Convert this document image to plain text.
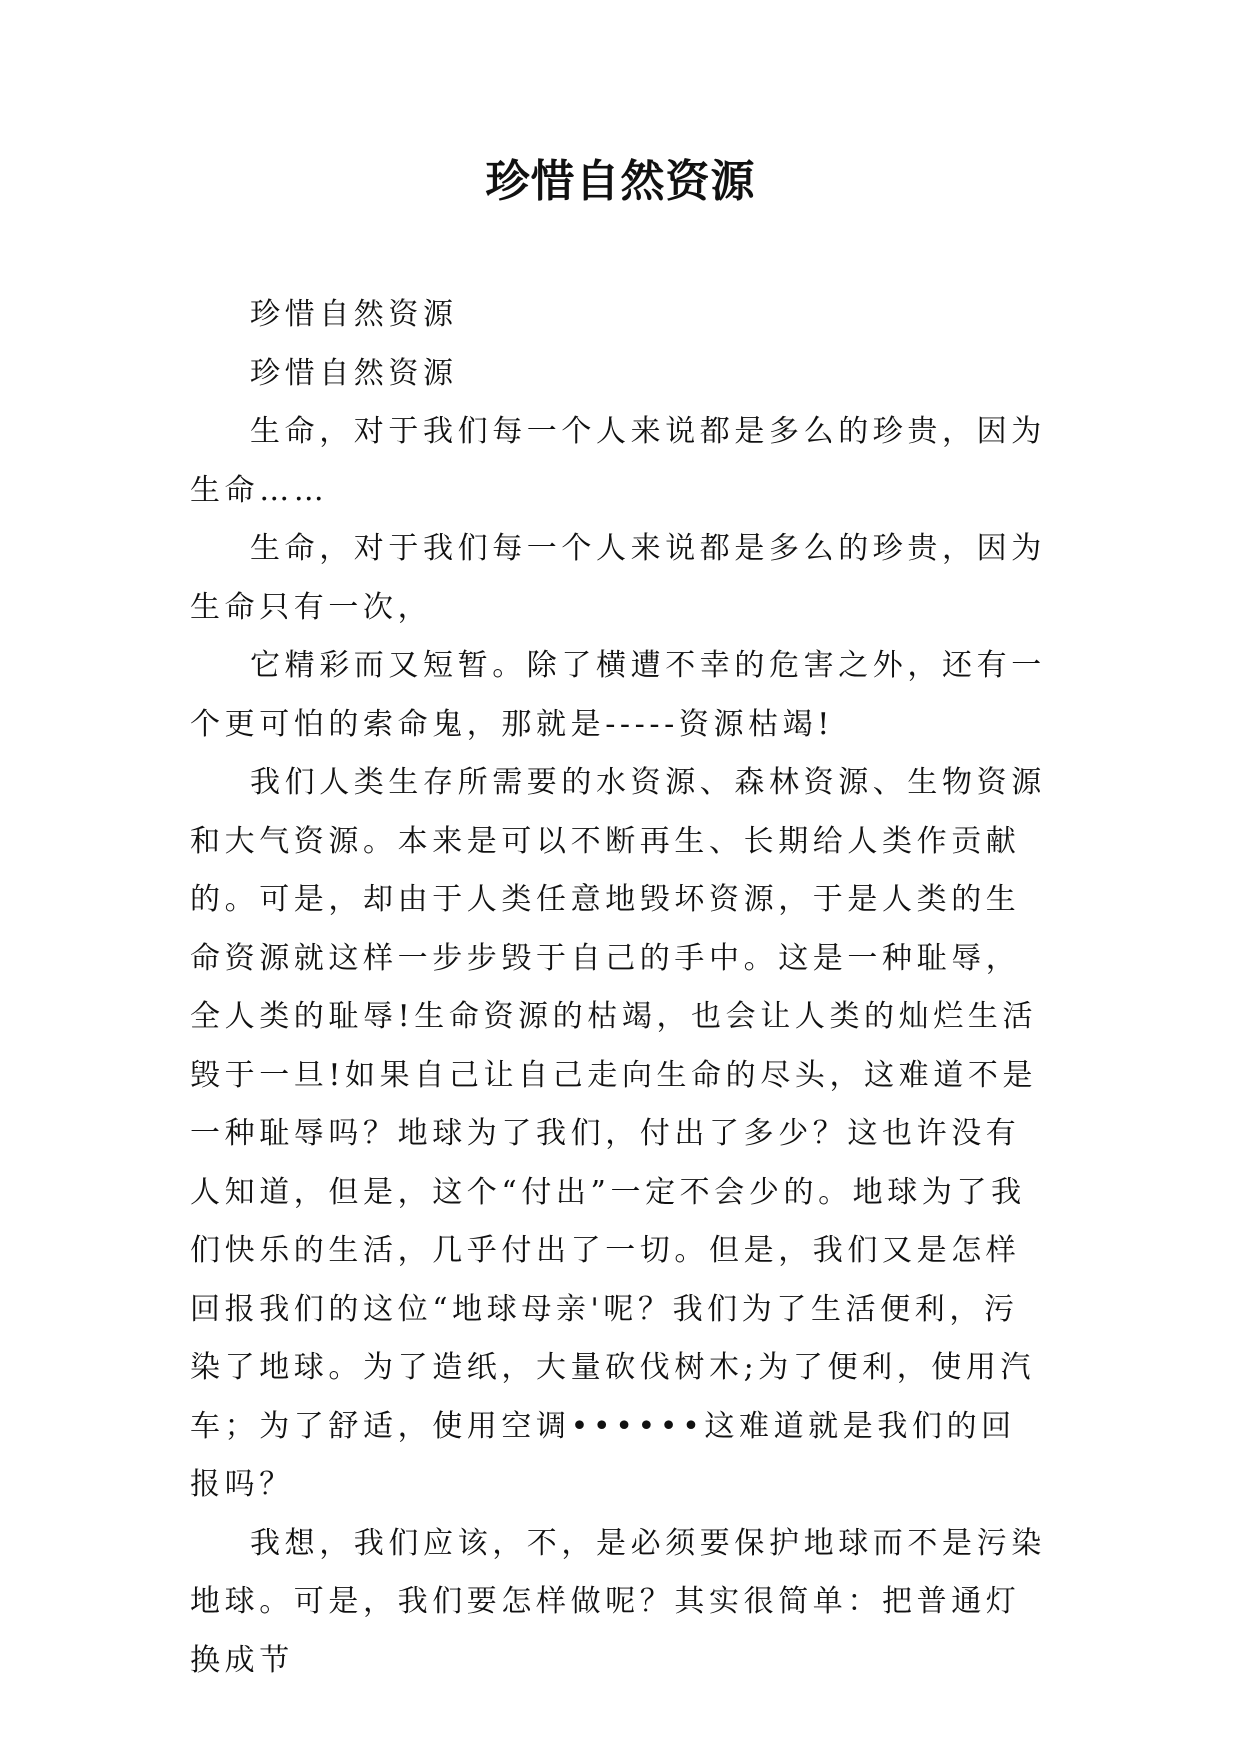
珍惜自然资源

珍惜自然资源

珍惜自然资源

生命，对于我们每一个人来说都是多么的珍贵，因为生命……

生命，对于我们每一个人来说都是多么的珍贵，因为生命只有一次，

它精彩而又短暂。除了横遭不幸的危害之外，还有一个更可怕的索命鬼，那就是-----资源枯竭!

我们人类生存所需要的水资源、森林资源、生物资源和大气资源。本来是可以不断再生、长期给人类作贡献的。可是，却由于人类任意地毁坏资源，于是人类的生命资源就这样一步步毁于自己的手中。这是一种耻辱，全人类的耻辱!生命资源的枯竭，也会让人类的灿烂生活毁于一旦!如果自己让自己走向生命的尽头，这难道不是一种耻辱吗？地球为了我们，付出了多少？这也许没有人知道，但是，这个“付出”一定不会少的。地球为了我们快乐的生活，几乎付出了一切。但是，我们又是怎样回报我们的这位“地球母亲'呢？我们为了生活便利，污染了地球。为了造纸，大量砍伐树木;为了便利，使用汽车；为了舒适，使用空调••••••这难道就是我们的回报吗？

我想，我们应该，不，是必须要保护地球而不是污染地球。可是，我们要怎样做呢？其实很简单：把普通灯换成节
